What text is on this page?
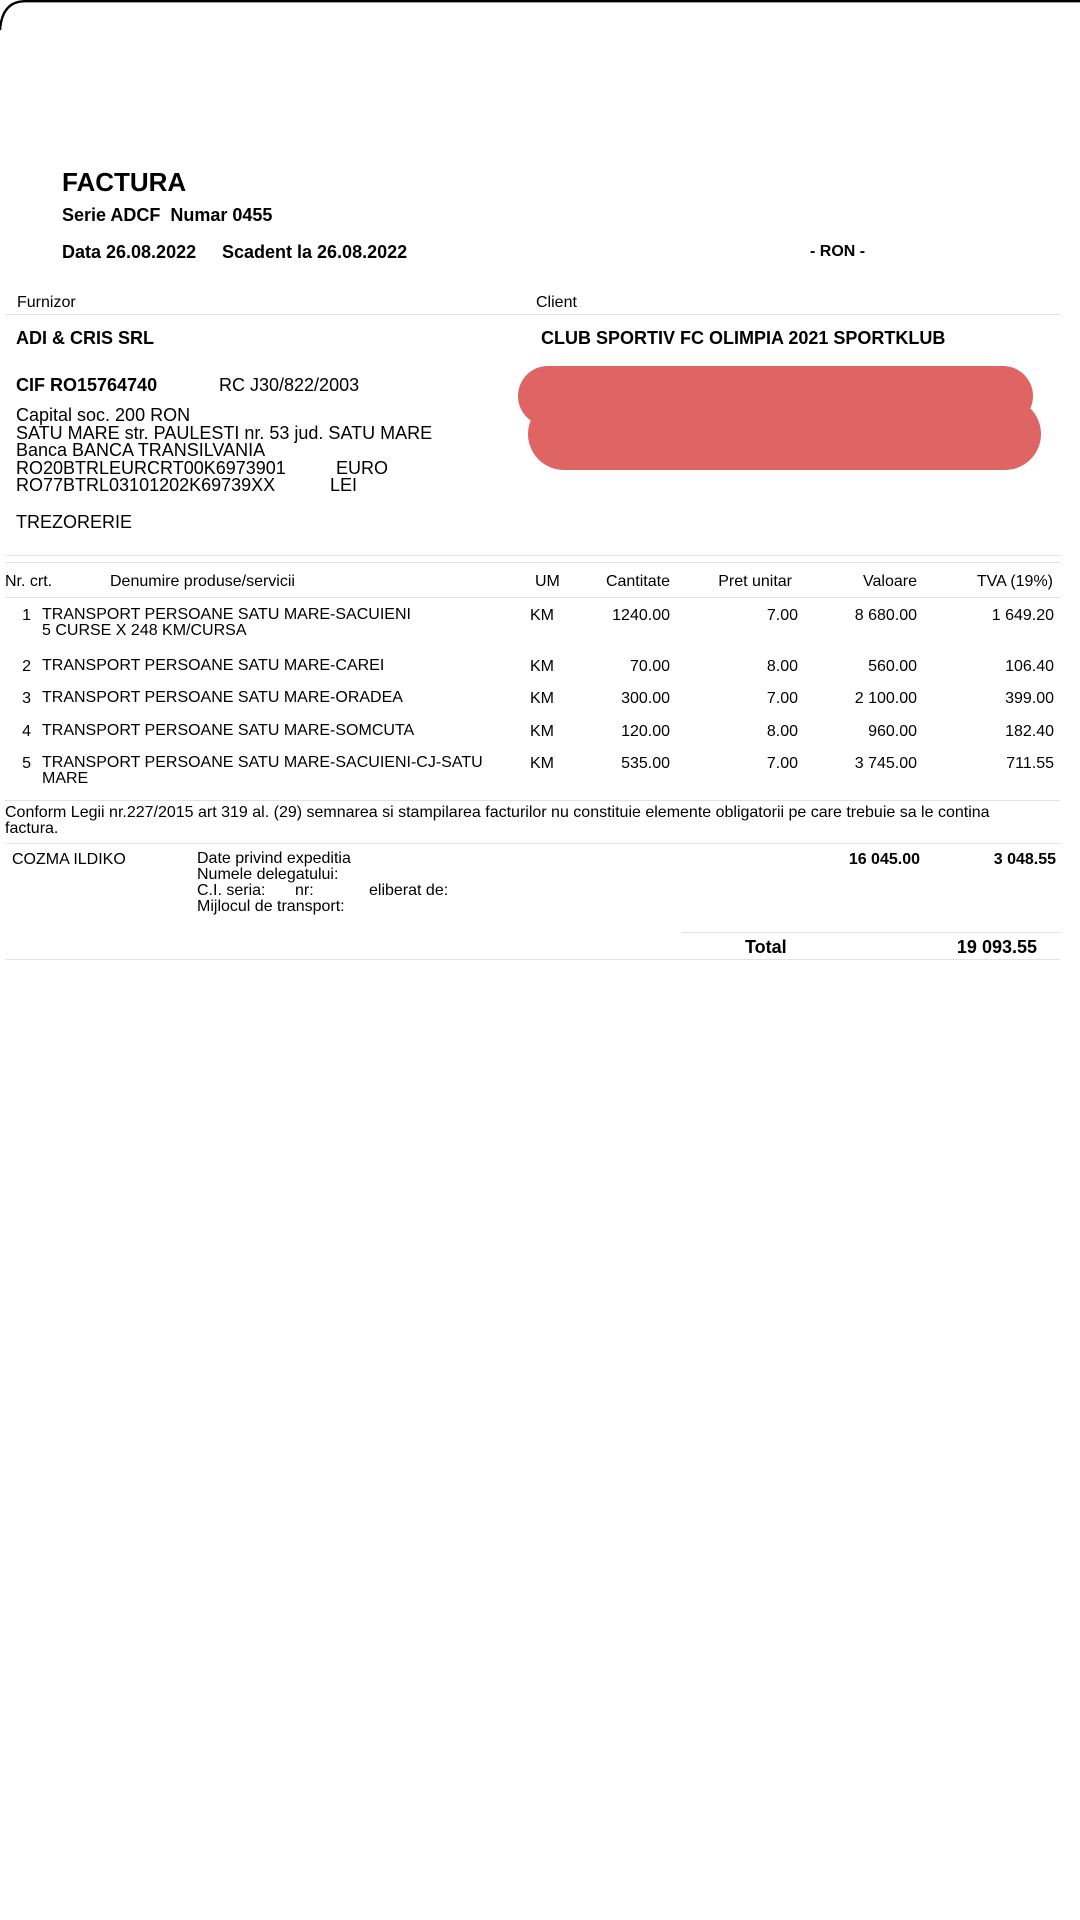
FACTURA
Serie ADCF  Numar 0455
Data 26.08.2022 Scadent la 26.08.2022	- RON -
Furnizor	Client
ADI & CRIS SRL	CLUB SPORTIV FC OLIMPIA 2021 SPORTKLUB
CIF RO15764740	RC J30/822/2003
Capital soc. 200 RON
SATU MARE str. PAULESTI nr. 53 jud. SATU MARE
Banca BANCA TRANSILVANIA
RO20BTRLEURCRT00K6973901	EURO
RO77BTRL03101202K69739XX	LEI
TREZORERIE
Nr. crt.	Denumire produse/servicii	UM	Cantitate	Pret unitar	Valoare	TVA (19%)
1 TRANSPORT PERSOANE SATU MARE-SACUIENI
5 CURSE X 248 KM/CURSA
KM	1240.00	7.00	8 680.00	1 649.20
2 TRANSPORT PERSOANE SATU MARE-CAREI	KM	70.00	8.00	560.00	106.40
3 TRANSPORT PERSOANE SATU MARE-ORADEA	KM	300.00	7.00	2 100.00	399.00
4 TRANSPORT PERSOANE SATU MARE-SOMCUTA	KM	120.00	8.00	960.00	182.40
5 TRANSPORT PERSOANE SATU MARE-SACUIENI-CJ-SATU
MARE
KM	535.00	7.00	3 745.00	711.55
Conform Legii nr.227/2015 art 319 al. (29) semnarea si stampilarea facturilor nu constituie elemente obligatorii pe care trebuie sa le contina
factura.
COZMA ILDIKO	Date privind expeditia
Numele delegatului:
C.I. seria: nr:	eliberat de:
Mijlocul de transport:
16 045.00	3 048.55
Total	19 093.55
